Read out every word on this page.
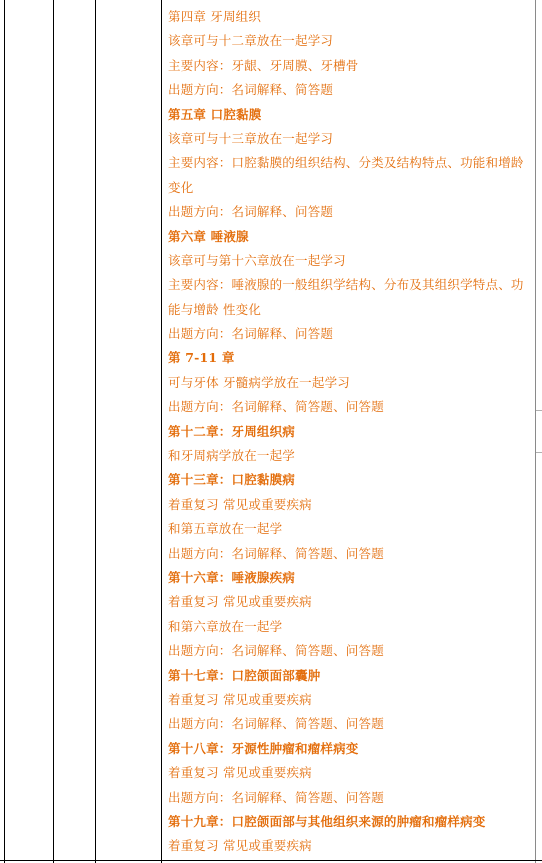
第四章 牙周组织
该章可与十二章放在一起学习
主要内容：牙龈、牙周膜、牙槽骨
出题方向：名词解释、简答题
第五章 口腔黏膜
该章可与十三章放在一起学习
主要内容：口腔黏膜的组织结构、分类及结构特点、功能和增龄
变化
出题方向：名词解释、问答题
第六章 唾液腺
该章可与第十六章放在一起学习
主要内容：唾液腺的一般组织学结构、分布及其组织学特点、功
能与增龄 性变化
出题方向：名词解释、问答题
第 7-11 章
可与牙体 牙髓病学放在一起学习
出题方向：名词解释、简答题、问答题
第十二章：牙周组织病
和牙周病学放在一起学
第十三章：口腔黏膜病
着重复习 常见或重要疾病
和第五章放在一起学
出题方向：名词解释、简答题、问答题
第十六章：唾液腺疾病
着重复习 常见或重要疾病
和第六章放在一起学
出题方向：名词解释、简答题、问答题
第十七章：口腔颌面部囊肿
着重复习 常见或重要疾病
出题方向：名词解释、简答题、问答题
第十八章：牙源性肿瘤和瘤样病变
着重复习 常见或重要疾病
出题方向：名词解释、简答题、问答题
第十九章：口腔颌面部与其他组织来源的肿瘤和瘤样病变
着重复习 常见或重要疾病
